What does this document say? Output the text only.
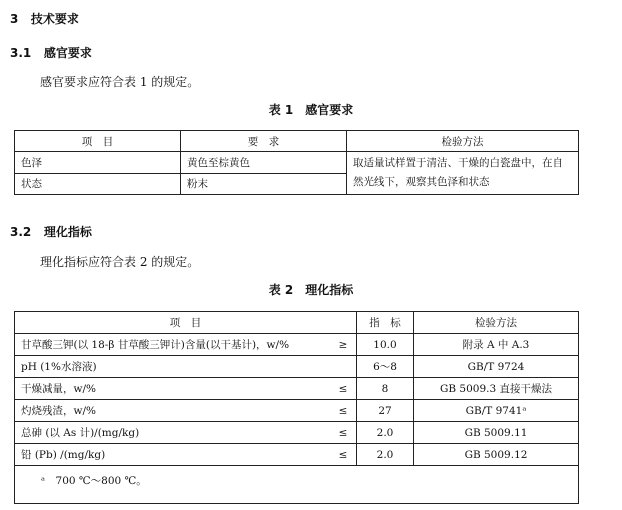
3 技术要求
3.1 感官要求
感官要求应符合表 1 的规定。
表 1　感官要求
项　目	要　求	检验方法
色泽	黄色至棕黄色	取适量试样置于清洁、干燥的白瓷盘中，在自然光线下，观察其色泽和状态
状态	粉末	
3.2 理化指标
理化指标应符合表 2 的规定。
表 2　理化指标
项　目		指　标	检验方法
甘草酸三钾(以 18-β 甘草酸三钾计)含量(以干基计)，w/%	≥	10.0	附录 A 中 A.3
pH (1%水溶液)		6～8	GB/T 9724
干燥减量，w/%	≤	8	GB 5009.3 直接干燥法
灼烧残渣，w/%	≤	27	GB/T 9741ᵃ
总砷 (以 As 计)/(mg/kg)	≤	2.0	GB 5009.11
铅 (Pb) /(mg/kg)	≤	2.0	GB 5009.12
ᵃ　700 ℃～800 ℃。			
